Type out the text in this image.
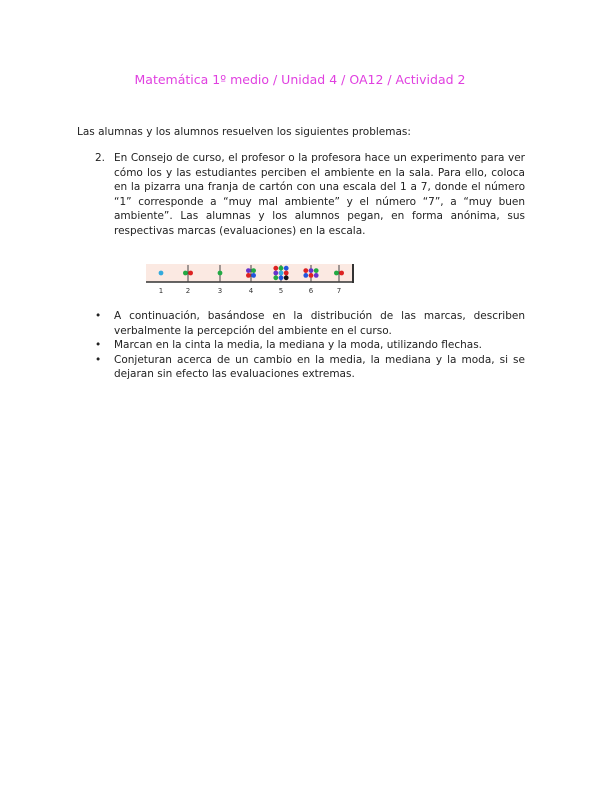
Matemática 1º medio / Unidad 4 / OA12 / Actividad 2
Las alumnas y los alumnos resuelven los siguientes problemas:
2. En Consejo de curso, el profesor o la profesora hace un experimento para ver cómo los y las estudiantes perciben el ambiente en la sala. Para ello, coloca en la pizarra una franja de cartón con una escala del 1 a 7, donde el número “1” corresponde a “muy mal ambiente” y el número “7”, a “muy buen ambiente”. Las alumnas y los alumnos pegan, en forma anónima, sus respectivas marcas (evaluaciones) en la escala.
1	2	3	4	5	6	7
• A continuación, basándose en la distribución de las marcas, describen verbalmente la percepción del ambiente en el curso.
• Marcan en la cinta la media, la mediana y la moda, utilizando flechas.
• Conjeturan acerca de un cambio en la media, la mediana y la moda, si se dejaran sin efecto las evaluaciones extremas.
